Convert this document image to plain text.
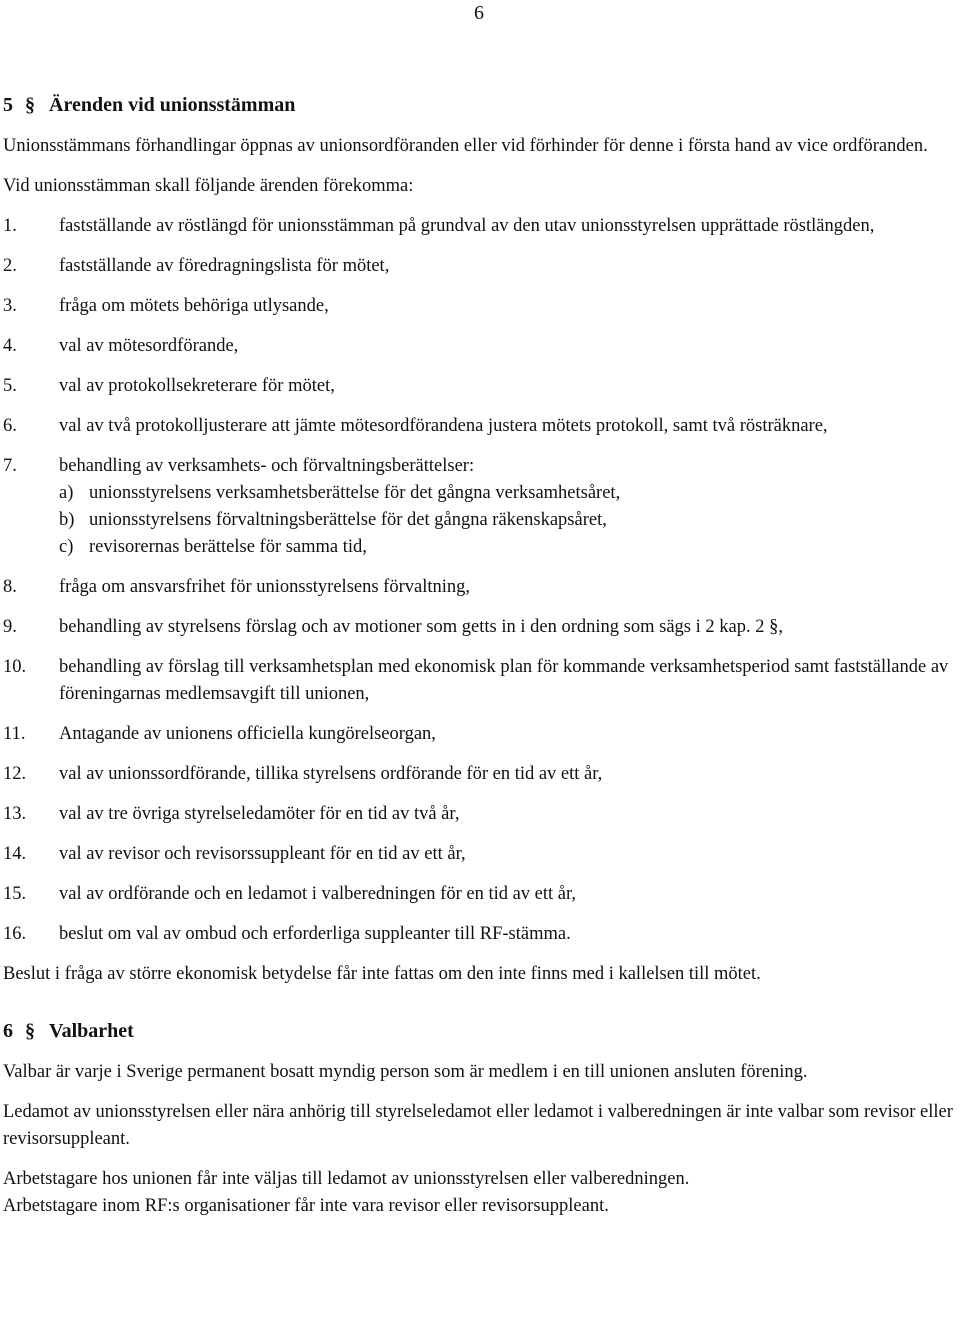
6
5 § Ärenden vid unionsstämman

Unionsstämmans förhandlingar öppnas av unionsordföranden eller vid förhinder för denne i första hand av vice ordföranden.

Vid unionsstämman skall följande ärenden förekomma:

1.	fastställande av röstlängd för unionsstämman på grundval av den utav unionsstyrelsen upprättade röstlängden,
2.	fastställande av föredragningslista för mötet,
3.	fråga om mötets behöriga utlysande,
4.	val av mötesordförande,
5.	val av protokollsekreterare för mötet,
6.	val av två protokolljusterare att jämte mötesordförandena justera mötets protokoll, samt två rösträknare,
7.	behandling av verksamhets- och förvaltningsberättelser:
a) unionsstyrelsens verksamhetsberättelse för det gångna verksamhetsåret,
b) unionsstyrelsens förvaltningsberättelse för det gångna räkenskapsåret,
c) revisorernas berättelse för samma tid,
8.	fråga om ansvarsfrihet för unionsstyrelsens förvaltning,
9.	behandling av styrelsens förslag och av motioner som getts in i den ordning som sägs i 2 kap. 2 §,
10.	behandling av förslag till verksamhetsplan med ekonomisk plan för kommande verksamhetsperiod samt fastställande av föreningarnas medlemsavgift till unionen,
11.	Antagande av unionens officiella kungörelseorgan,
12.	val av unionssordförande, tillika styrelsens ordförande för en tid av ett år,
13.	val av tre övriga styrelseledamöter för en tid av två år,
14.	val av revisor och revisorssuppleant för en tid av ett år,
15.	val av ordförande och en ledamot i valberedningen för en tid av ett år,
16.	beslut om val av ombud och erforderliga suppleanter till RF-stämma.

Beslut i fråga av större ekonomisk betydelse får inte fattas om den inte finns med i kallelsen till mötet.

6 § Valbarhet

Valbar är varje i Sverige permanent bosatt myndig person som är medlem i en till unionen ansluten förening.

Ledamot av unionsstyrelsen eller nära anhörig till styrelseledamot eller ledamot i valberedningen är inte valbar som revisor eller revisorsuppleant.

Arbetstagare hos unionen får inte väljas till ledamot av unionsstyrelsen eller valberedningen.
Arbetstagare inom RF:s organisationer får inte vara revisor eller revisorsuppleant.
